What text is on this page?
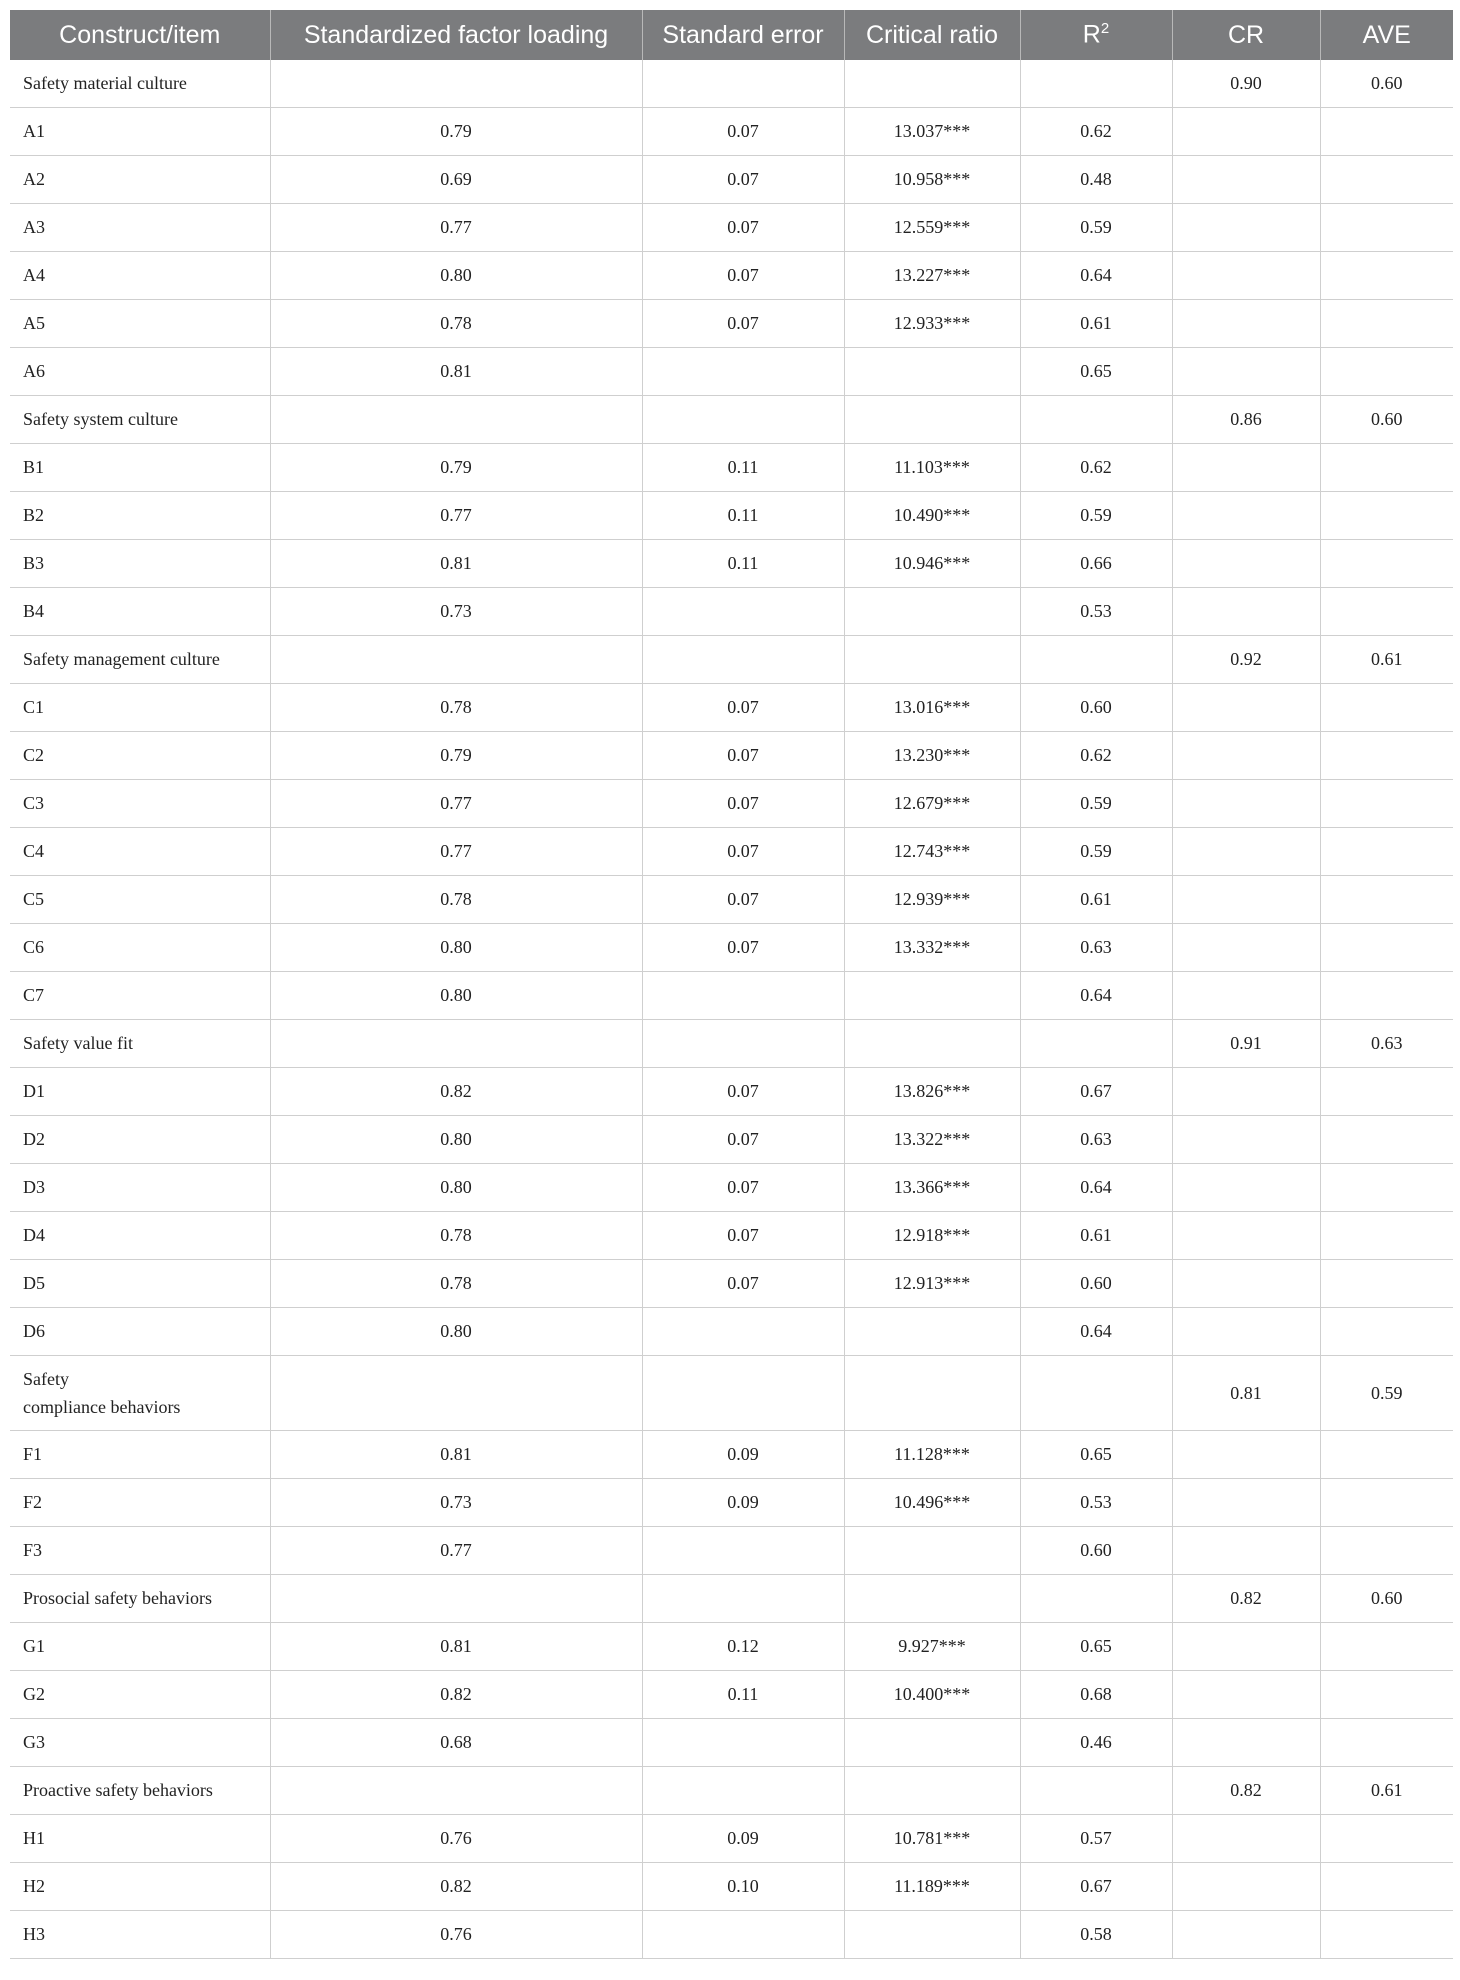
Construct/item	Standardized factor loading	Standard error	Critical ratio	$R^2$	CR	AVE
Safety material culture					0.90	0.60
A1	0.79	0.07	13.037***	0.62		
A2	0.69	0.07	10.958***	0.48		
A3	0.77	0.07	12.559***	0.59		
A4	0.80	0.07	13.227***	0.64		
A5	0.78	0.07	12.933***	0.61		
A6	0.81			0.65		
Safety system culture					0.86	0.60
B1	0.79	0.11	11.103***	0.62		
B2	0.77	0.11	10.490***	0.59		
B3	0.81	0.11	10.946***	0.66		
B4	0.73			0.53		
Safety management culture					0.92	0.61
C1	0.78	0.07	13.016***	0.60		
C2	0.79	0.07	13.230***	0.62		
C3	0.77	0.07	12.679***	0.59		
C4	0.77	0.07	12.743***	0.59		
C5	0.78	0.07	12.939***	0.61		
C6	0.80	0.07	13.332***	0.63		
C7	0.80			0.64		
Safety value fit					0.91	0.63
D1	0.82	0.07	13.826***	0.67		
D2	0.80	0.07	13.322***	0.63		
D3	0.80	0.07	13.366***	0.64		
D4	0.78	0.07	12.918***	0.61		
D5	0.78	0.07	12.913***	0.60		
D6	0.80			0.64		

Safety
compliance behaviors					0.81	0.59
F1	0.81	0.09	11.128***	0.65		
F2	0.73	0.09	10.496***	0.53		
F3	0.77			0.60		
Prosocial safety behaviors					0.82	0.60
G1	0.81	0.12	9.927***	0.65		
G2	0.82	0.11	10.400***	0.68		
G3	0.68			0.46		
Proactive safety behaviors					0.82	0.61
H1	0.76	0.09	10.781***	0.57		
H2	0.82	0.10	11.189***	0.67		
H3	0.76			0.58		
